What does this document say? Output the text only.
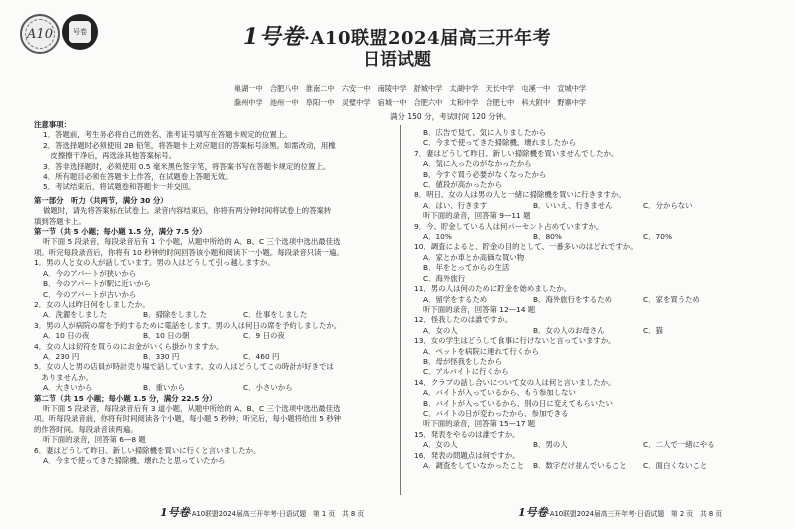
A10	号卷	1号卷·A10联盟2024届高三开年考
日语试题
巢湖一中　合肥八中　淮南二中　六安一中　南陵中学　舒城中学　太湖中学　天长中学　屯溪一中　宣城中学
滁州中学　池州一中　阜阳一中　灵璧中学　宿城一中　合肥六中　太和中学　合肥七中　科大附中　野寨中学
满分 150 分，考试时间 120 分钟。
注意事项：
1．答题前，考生务必将自己的姓名、准考证号填写在答题卡规定的位置上。
2．答选择题时必须使用 2B 铅笔，将答题卡上对应题目的答案标号涂黑。如需改动，用橡
　皮擦擦干净后，再选涂其他答案标号。
3．答非选择题时，必须使用 0.5 毫米黑色签字笔，将答案书写在答题卡规定的位置上。
4．所有题目必须在答题卡上作答，在试题卷上答题无效。
5．考试结束后，将试题卷和答题卡一并交回。
第一部分　听力（共两节，满分 30 分）
做题时，请先将答案标在试卷上。录音内容结束后，你将有两分钟时间将试卷上的答案转
填到答题卡上。
第一节（共 5 小题；每小题 1.5 分，满分 7.5 分）
听下面 5 段录音，每段录音后有 1 个小题，从题中所给的 A、B、C 三个选项中选出最佳选
项。听完每段录音后，你将有 10 秒钟的时间回答该小题和阅读下一小题。每段录音只读一遍。
1．男の人と女の人が話しています。男の人はどうして引っ越しますか。
A．今のアパートが狭いから
B．今のアパートが駅に近いから
C．今のアパートが古いから
2．女の人は昨日何をしましたか。
A．洗濯をしました	B．掃除をしました	C．仕事をしました
3．男の人が病院の席を予約するために電話をします。男の人は何日の席を予約しましたか。
A．10 日の夜	B．10 日の朝	C．9 日の夜
4．女の人は切符を買うのにお金がいくら掛かりますか。
A．230 円	B．330 円	C．460 円
5．女の人と男の店員が時計売り場で話しています。女の人はどうしてこの時計が好きでは
　ありませんか。
A．大きいから	B．重いから	C．小さいから
第二节（共 15 小题；每小题 1.5 分，满分 22.5 分）
听下面 5 段录音，每段录音后有 3 道小题，从题中所给的 A、B、C 三个选项中选出最佳选
项。听每段录音前，你将有时间阅读各个小题，每小题 5 秒钟；听完后，每小题将给出 5 秒钟
的作答时间。每段录音读两遍。
听下面的录音，回答第 6—8 题
6．妻はどうして昨日、新しい掃除機を買いに行くと言いましたか。
A．今まで使ってきた掃除機、壊れたと思っていたから
B．広告で見て、気に入りましたから
C．今まで使ってきた掃除機、壊れましたから
7．妻はどうして昨日、新しい掃除機を買いませんでしたか。
A．気に入ったのがなかったから
B．今すぐ買う必要がなくなったから
C．値段が高かったから
8．明日、女の人は男の人と一緒に掃除機を買いに行きますか。
A．はい、行きます	B．いいえ、行きません	C．分からない
听下面的录音，回答第 9—11 题
9．今、貯金している人は何パーセント占めていますか。
A．10%	B．80%	C．70%
10．調査によると、貯金の目的として、一番多いのはどれですか。
A．家とか車とか高価な買い物
B．年をとってからの生活
C．海外旅行
11．男の人は何のために貯金を始めましたか。
A．留学をするため	B．海外旅行をするため	C．家を買うため
听下面的录音，回答第 12—14 题
12．怪我したのは誰ですか。
A．女の人	B．女の人のお母さん	C．猫
13．女の学生はどうして食事に行けないと言っていますか。
A．ペットを病院に連れて行くから
B．母が怪我をしたから
C．アルバイトに行くから
14．クラブの話し合いについて女の人は何と言いましたか。
A．バイトが入っているから、もう参加しない
B．バイトが入っているから、別の日に変えてもらいたい
C．バイトの日が変わったから、参加できる
听下面的录音，回答第 15—17 题
15．発表をやるのは誰ですか。
A．女の人	B．男の人	C．二人で一緒にやる
16．発表の問題点は何ですか。
A．調査をしていなかったこと	B．数字だけ並んでいること	C．面白くないこと
1号卷·A10联盟2024届高三开年考·日语试题　第 1 页　共 8 页	1号卷·A10联盟2024届高三开年考·日语试题　第 2 页　共 8 页
